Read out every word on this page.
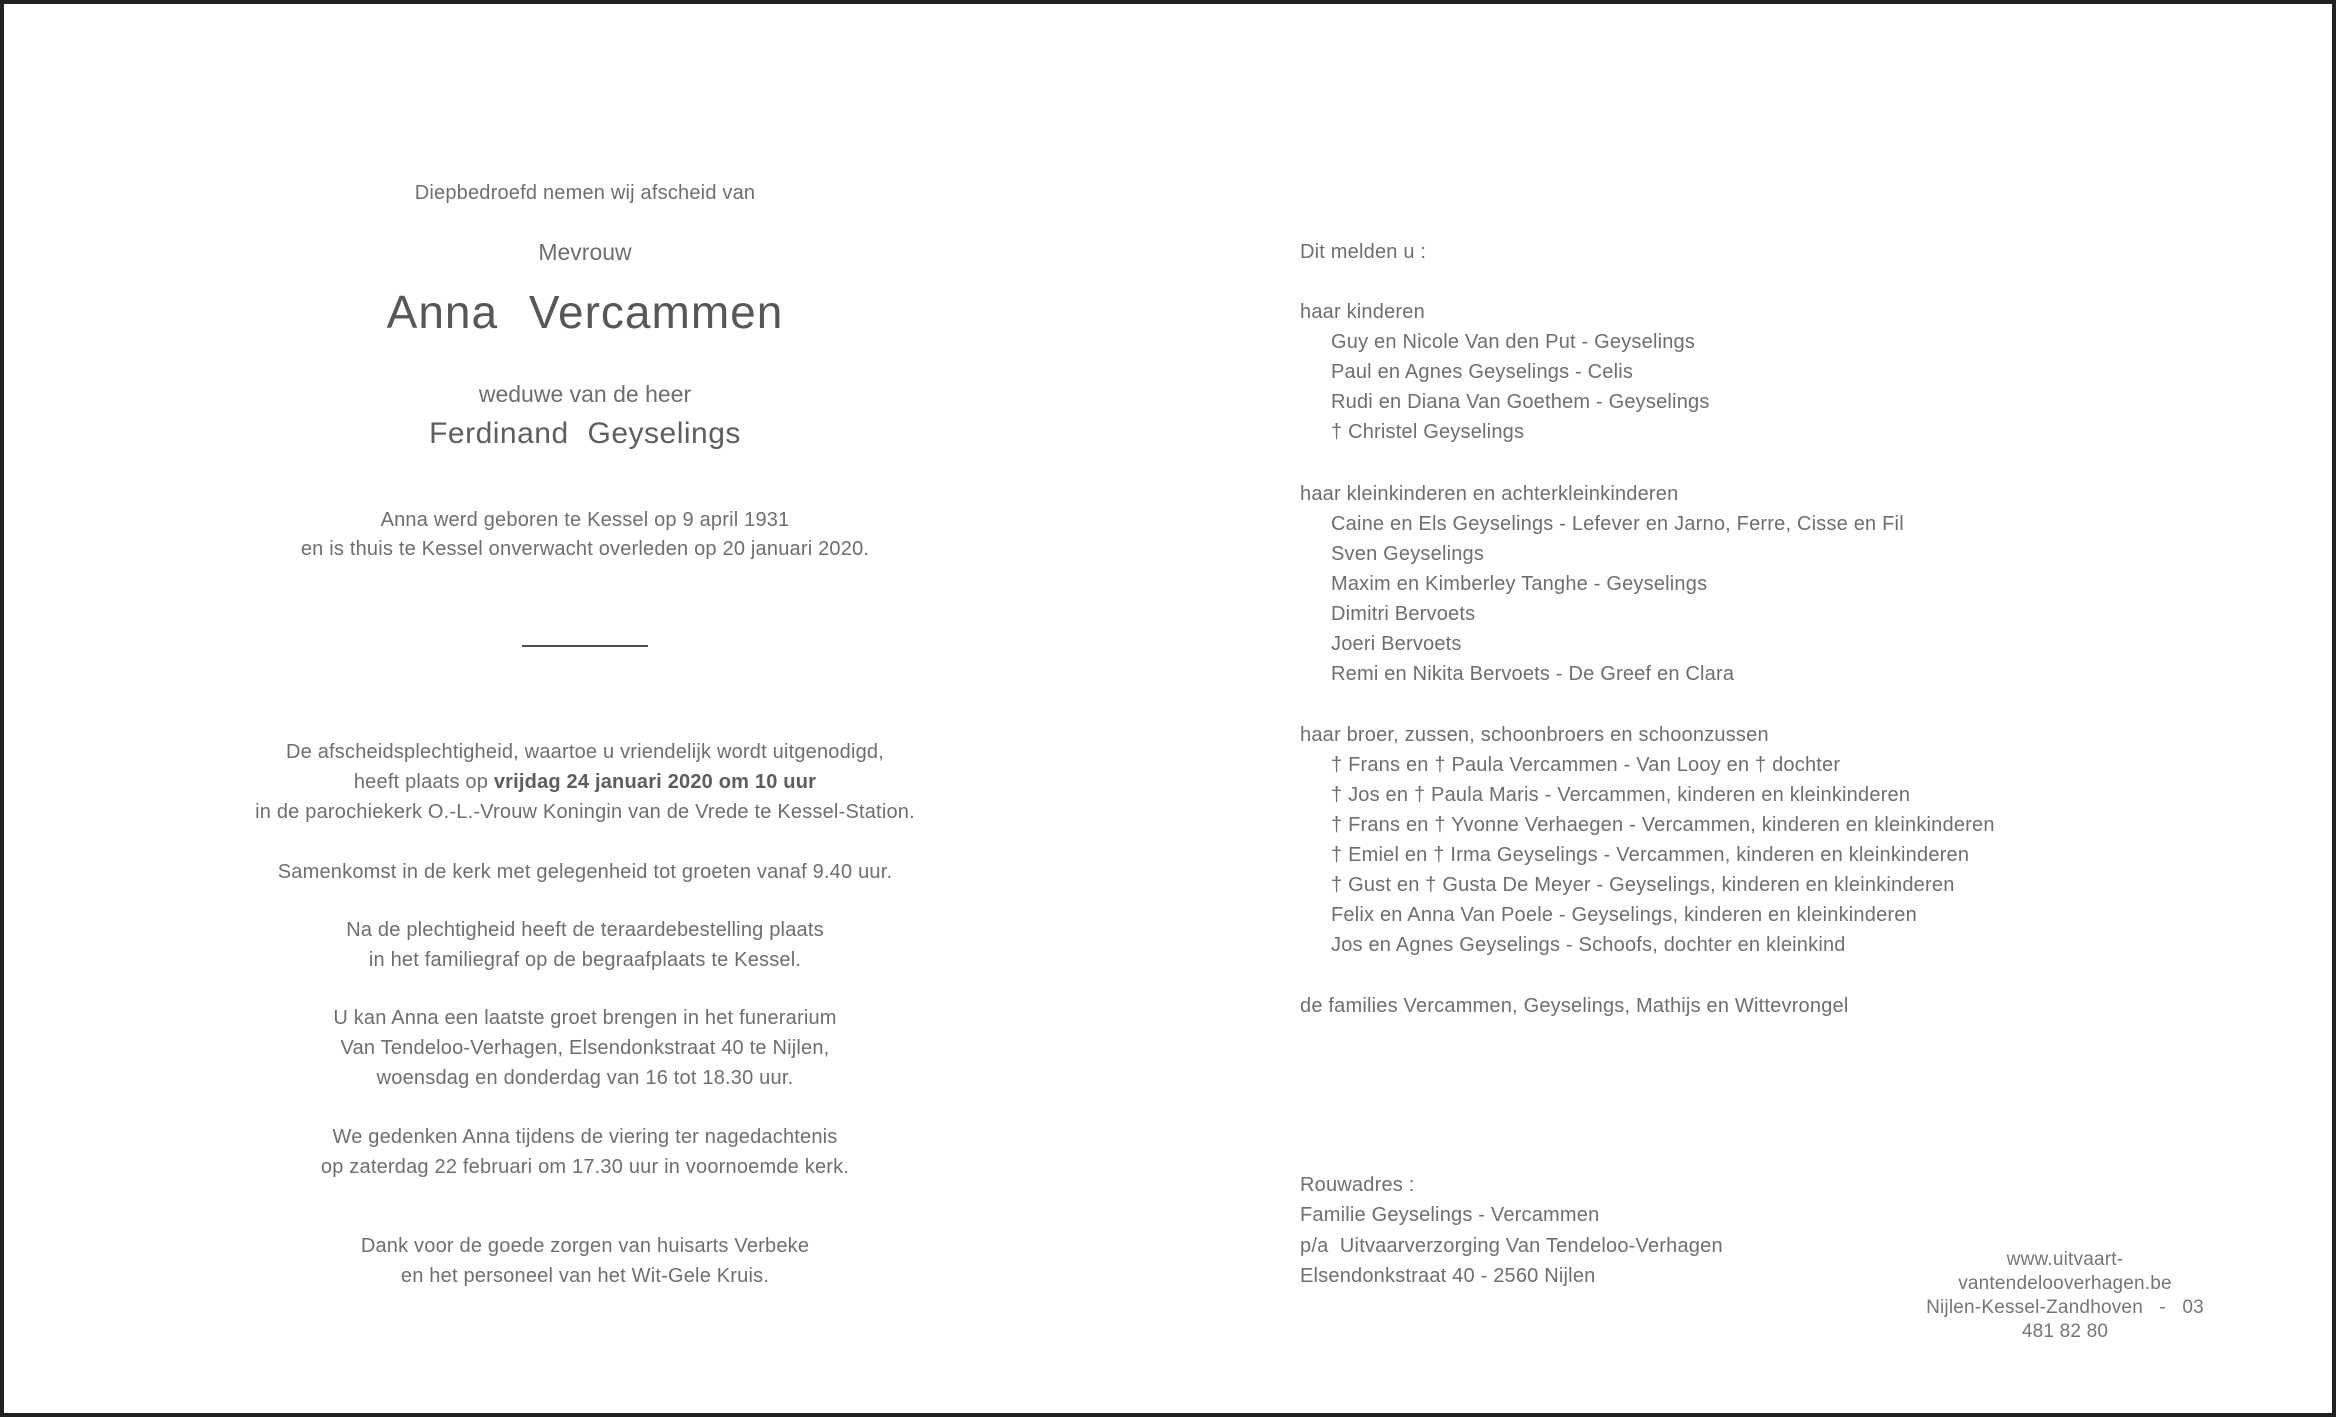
Diepbedroefd nemen wij afscheid van
Mevrouw
Anna Vercammen
weduwe van de heer
Ferdinand Geyselings
Anna werd geboren te Kessel op 9 april 1931
en is thuis te Kessel onverwacht overleden op 20 januari 2020.
De afscheidsplechtigheid, waartoe u vriendelijk wordt uitgenodigd,
heeft plaats op vrijdag 24 januari 2020 om 10 uur
in de parochiekerk O.-L.-Vrouw Koningin van de Vrede te Kessel-Station.
Samenkomst in de kerk met gelegenheid tot groeten vanaf 9.40 uur.
Na de plechtigheid heeft de teraardebestelling plaats
in het familiegraf op de begraafplaats te Kessel.
U kan Anna een laatste groet brengen in het funerarium
Van Tendeloo-Verhagen, Elsendonkstraat 40 te Nijlen,
woensdag en donderdag van 16 tot 18.30 uur.
We gedenken Anna tijdens de viering ter nagedachtenis
op zaterdag 22 februari om 17.30 uur in voornoemde kerk.
Dank voor de goede zorgen van huisarts Verbeke
en het personeel van het Wit-Gele Kruis.
Dit melden u :
haar kinderen
Guy en Nicole Van den Put - Geyselings
Paul en Agnes Geyselings - Celis
Rudi en Diana Van Goethem - Geyselings
† Christel Geyselings
haar kleinkinderen en achterkleinkinderen
Caine en Els Geyselings - Lefever en Jarno, Ferre, Cisse en Fil
Sven Geyselings
Maxim en Kimberley Tanghe - Geyselings
Dimitri Bervoets
Joeri Bervoets
Remi en Nikita Bervoets - De Greef en Clara
haar broer, zussen, schoonbroers en schoonzussen
† Frans en † Paula Vercammen - Van Looy en † dochter
† Jos en † Paula Maris - Vercammen, kinderen en kleinkinderen
† Frans en † Yvonne Verhaegen - Vercammen, kinderen en kleinkinderen
† Emiel en † Irma Geyselings - Vercammen, kinderen en kleinkinderen
† Gust en † Gusta De Meyer - Geyselings, kinderen en kleinkinderen
Felix en Anna Van Poele - Geyselings, kinderen en kleinkinderen
Jos en Agnes Geyselings - Schoofs, dochter en kleinkind
de families Vercammen, Geyselings, Mathijs en Wittevrongel
Rouwadres :
Familie Geyselings - Vercammen
p/a  Uitvaarverzorging Van Tendeloo-Verhagen
Elsendonkstraat 40 - 2560 Nijlen
www.uitvaart-vantendelooverhagen.be
Nijlen-Kessel-Zandhoven   -   03 481 82 80
